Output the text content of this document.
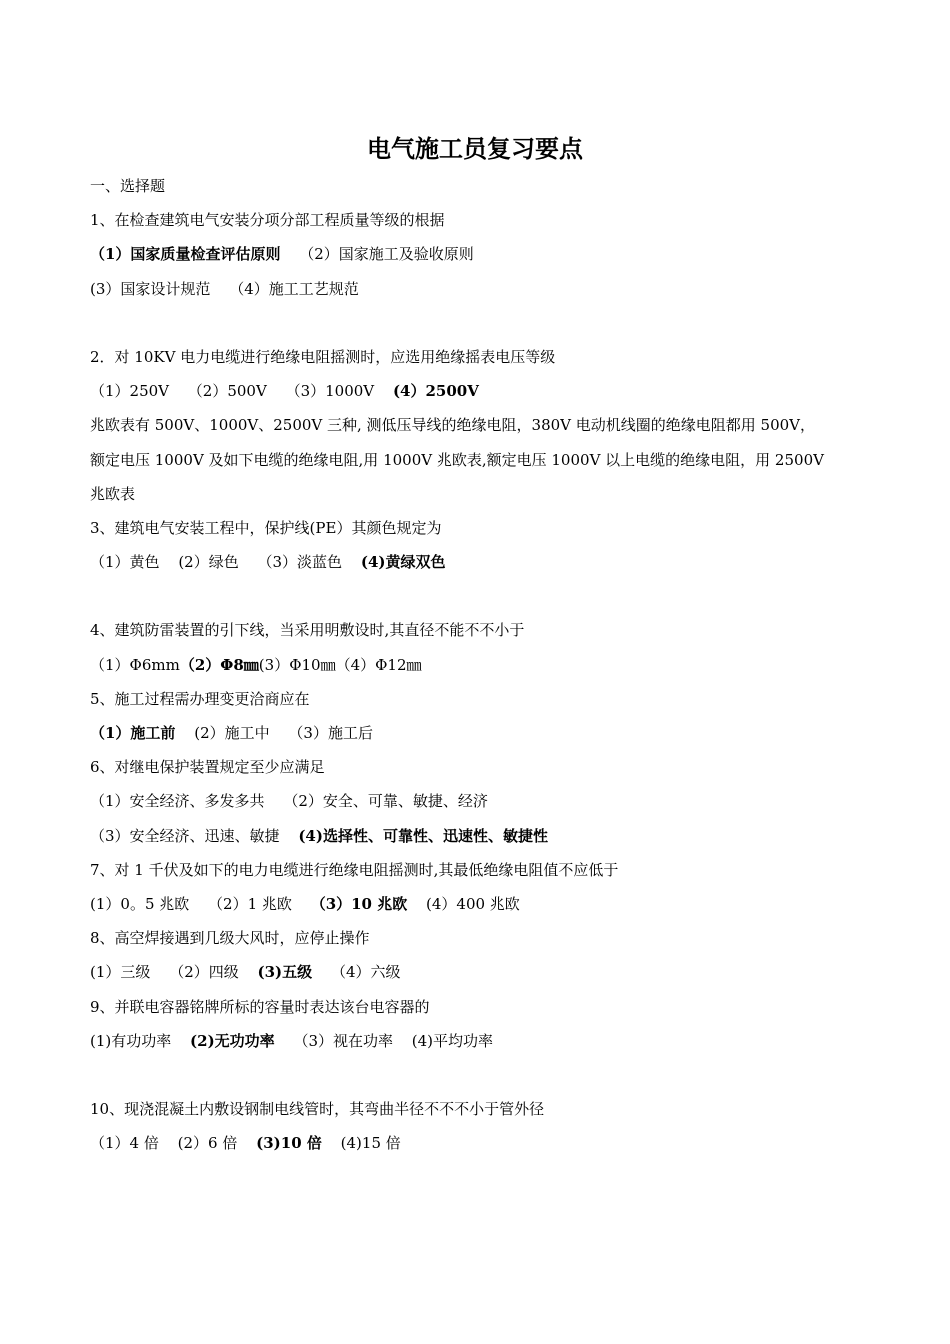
电气施工员复习要点
一、选择题
1、在检查建筑电气安装分项分部工程质量等级的根据
（1）国家质量检查评估原则 （2）国家施工及验收原则
(3）国家设计规范 （4）施工工艺规范
2．对 10KV 电力电缆进行绝缘电阻摇测时，应选用绝缘摇表电压等级
（1）250V （2）500V （3）1000V (4）2500V
兆欧表有 500V、1000V、2500V 三种, 测低压导线的绝缘电阻，380V 电动机线圈的绝缘电阻都用 500V，
额定电压 1000V 及如下电缆的绝缘电阻,用 1000V 兆欧表,额定电压 1000V 以上电缆的绝缘电阻，用 2500V
兆欧表
3、建筑电气安装工程中，保护线(PE）其颜色规定为
（1）黄色 (2）绿色 （3）淡蓝色 (4)黄绿双色
4、建筑防雷装置的引下线，当采用明敷设时,其直径不能不不小于
（1）Φ6mm（2）Φ8㎜(3）Φ10㎜（4）Φ12㎜
5、施工过程需办理变更洽商应在
（1）施工前 (2）施工中 （3）施工后
6、对继电保护装置规定至少应满足
（1）安全经济、多发多共 （2）安全、可靠、敏捷、经济
（3）安全经济、迅速、敏捷 (4)选择性、可靠性、迅速性、敏捷性
7、对 1 千伏及如下的电力电缆进行绝缘电阻摇测时,其最低绝缘电阻值不应低于
(1）0。5 兆欧 （2）1 兆欧 （3）10 兆欧 (4）400 兆欧
8、高空焊接遇到几级大风时，应停止操作
(1）三级 （2）四级 (3)五级 （4）六级
9、并联电容器铭牌所标的容量时表达该台电容器的
(1)有功功率 (2)无功功率 （3）视在功率 (4)平均功率
10、现浇混凝土内敷设钢制电线管时，其弯曲半径不不不小于管外径
（1）4 倍 (2）6 倍 (3)10 倍 (4)15 倍
